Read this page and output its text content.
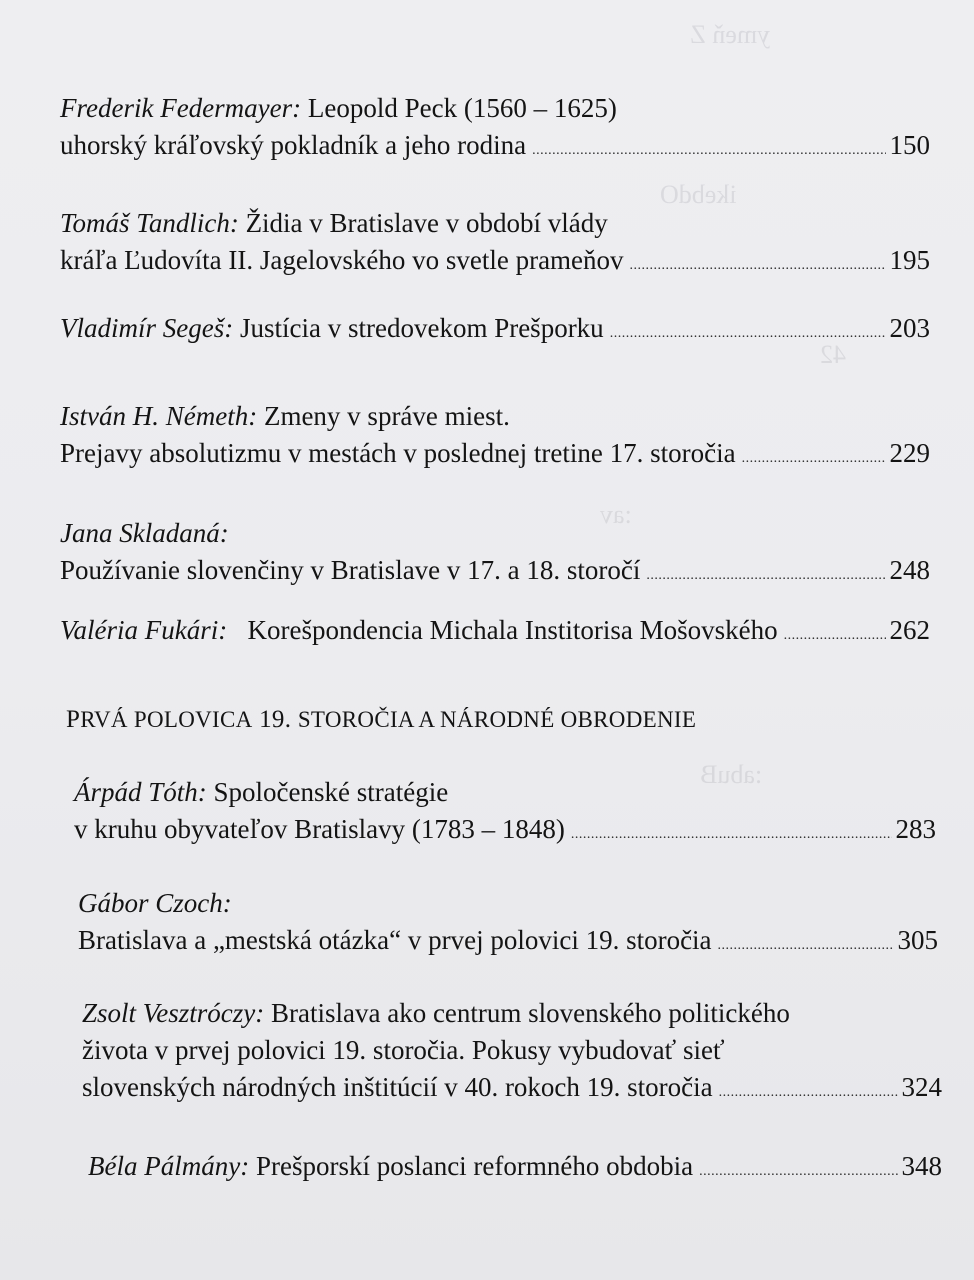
ymeň Z
ikebdO
:av
:abuB
42
Frederik Federmayer:
Leopold Peck (1560 – 1625)
uhorský kráľovský pokladník a jeho rodina . . .	150
Tomáš Tandlich:
Židia v Bratislave v období vlády
kráľa Ľudovíta II. Jagelovského vo svetle prameňov . . .	195
Vladimír Segeš:
Justícia v stredovekom Prešporku . . .	203
István H. Németh:
Zmeny v správe miest.
Prejavy absolutizmu v mestách v poslednej tretine 17. storočia . . .	229
Jana Skladaná:
Používanie slovenčiny v Bratislave v 17. a 18. storočí . . .	248
Valéria Fukári:
Korešpondencia Michala Institorisa Mošovského . . .	262
PRVÁ POLOVICA 19. STOROČIA A NÁRODNÉ OBRODENIE
Árpád Tóth:
Spoločenské stratégie
v kruhu obyvateľov Bratislavy (1783 – 1848) . . .	283
Gábor Czoch:
Bratislava a „mestská otázka“ v prvej polovici 19. storočia . . .	305
Zsolt Vesztróczy:
Bratislava ako centrum slovenského politického
života v prvej polovici 19. storočia. Pokusy vybudovať sieť
slovenských národných inštitúcií v 40. rokoch 19. storočia . . .	324
Béla Pálmány:
Prešporskí poslanci reformného obdobia . . .	348
